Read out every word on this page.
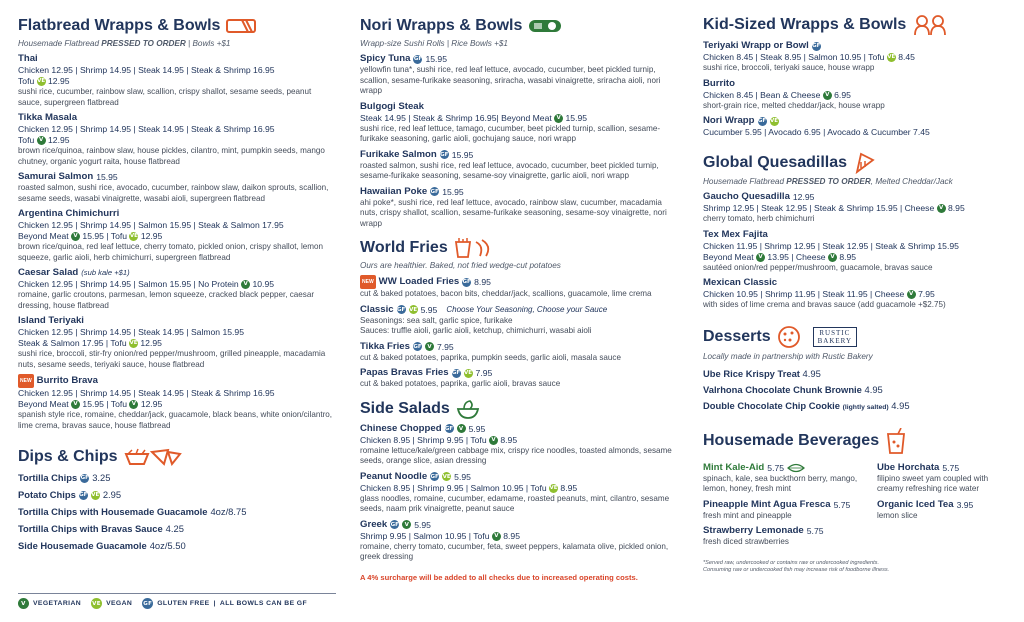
Flatbread Wrapps & Bowls
Housemade Flatbread PRESSED TO ORDER | Bowls +$1
Thai
Chicken 12.95 | Shrimp 14.95 | Steak 14.95 | Steak & Shrimp 16.95
Tofu VE 12.95
sushi rice, cucumber, rainbow slaw, scallion, crispy shallot, sesame seeds, peanut sauce, supergreen flatbread
Tikka Masala
Chicken 12.95 | Shrimp 14.95 | Steak 14.95 | Steak & Shrimp 16.95
Tofu V 12.95
brown rice/quinoa, rainbow slaw, house pickles, cilantro, mint, pumpkin seeds, mango chutney, organic yogurt raita, house flatbread
Samurai Salmon 15.95
roasted salmon, sushi rice, avocado, cucumber, rainbow slaw, daikon sprouts, scallion, sesame seeds, wasabi vinaigrette, wasabi aioli, supergreen flatbread
Argentina Chimichurri
Chicken 12.95 | Shrimp 14.95 | Salmon 15.95 | Steak & Salmon 17.95
Beyond Meat V 15.95 | Tofu VE 12.95
brown rice/quinoa, red leaf lettuce, cherry tomato, pickled onion, crispy shallot, lemon squeeze, garlic aioli, herb chimichurri, supergreen flatbread
Caesar Salad (sub kale +$1)
Chicken 12.95 | Shrimp 14.95 | Salmon 15.95 | No Protein V 10.95
romaine, garlic croutons, parmesan, lemon squeeze, cracked black pepper, caesar dressing, house flatbread
Island Teriyaki
Chicken 12.95 | Shrimp 14.95 | Steak 14.95 | Salmon 15.95
Steak & Salmon 17.95 | Tofu VE 12.95
sushi rice, broccoli, stir-fry onion/red pepper/mushroom, grilled pineapple, macadamia nuts, sesame seeds, teriyaki sauce, house flatbread
NEW Burrito Brava
Chicken 12.95 | Shrimp 14.95 | Steak 14.95 | Steak & Shrimp 16.95
Beyond Meat V 15.95 | Tofu V 12.95
spanish style rice, romaine, cheddar/jack, guacamole, black beans, white onion/cilantro, lime crema, bravas sauce, house flatbread
Dips & Chips
Tortilla Chips GF 3.25
Potato Chips GF VE 2.95
Tortilla Chips with Housemade Guacamole 4oz/8.75
Tortilla Chips with Bravas Sauce 4.25
Side Housemade Guacamole 4oz/5.50
V	VEGETARIAN VE VEGAN GF GLUTEN FREE | ALL BOWLS CAN BE GF
Nori Wrapps & Bowls
Wrapp-size Sushi Rolls | Rice Bowls +$1
Spicy Tuna GF 15.95
yellowfin tuna*, sushi rice, red leaf lettuce, avocado, cucumber, beet pickled turnip, scallion, sesame-furikake seasoning, sriracha, wasabi vinaigrette, sriracha aioli, nori wrapp
Bulgogi Steak
Steak 14.95 | Steak & Shrimp 16.95| Beyond Meat V 15.95
sushi rice, red leaf lettuce, tamago, cucumber, beet pickled turnip, scallion, sesame-furikake seasoning, garlic aioli, gochujang sauce, nori wrapp
Furikake Salmon GF 15.95
roasted salmon, sushi rice, red leaf lettuce, avocado, cucumber, beet pickled turnip, sesame-furikake seasoning, sesame-soy vinaigrette, garlic aioli, nori wrapp
Hawaiian Poke GF 15.95
ahi poke*, sushi rice, red leaf lettuce, avocado, rainbow slaw, cucumber, macadamia nuts, crispy shallot, scallion, sesame-furikake seasoning, sesame-soy vinaigrette, nori wrapp
World Fries
Ours are healthier. Baked, not fried wedge-cut potatoes
NEW WW Loaded Fries GF 8.95
cut & baked potatoes, bacon bits, cheddar/jack, scallions, guacamole, lime crema
Classic GF VE 5.95 Choose Your Seasoning, Choose your Sauce
Seasonings: sea salt, garlic spice, furikake
Sauces: truffle aioli, garlic aioli, ketchup, chimichurri, wasabi aioli
Tikka Fries GF	V 7.95
cut & baked potatoes, paprika, pumpkin seeds, garlic aioli, masala sauce
Papas Bravas Fries GF VE 7.95
cut & baked potatoes, paprika, garlic aioli, bravas sauce
Side Salads
Chinese Chopped GF	V 5.95
Chicken 8.95 | Shrimp 9.95 | Tofu V 8.95
romaine lettuce/kale/green cabbage mix, crispy rice noodles, toasted almonds, sesame seeds, orange slice, asian dressing
Peanut Noodle GF VE 5.95
Chicken 8.95 | Shrimp 9.95 | Salmon 10.95 | Tofu VE 8.95
glass noodles, romaine, cucumber, edamame, roasted peanuts, mint, cilantro, sesame seeds, naam prik vinaigrette, peanut sauce
Greek GF	V 5.95
Shrimp 9.95 | Salmon 10.95 | Tofu V 8.95
romaine, cherry tomato, cucumber, feta, sweet peppers, kalamata olive, pickled onion, greek dressing
A 4% surcharge will be added to all checks due to increased operating costs.
Kid-Sized Wrapps & Bowls
Teriyaki Wrapp or Bowl GF
Chicken 8.45 | Steak 8.95 | Salmon 10.95 | Tofu VE 8.45
sushi rice, broccoli, teriyaki sauce, house wrapp
Burrito
Chicken 8.45 | Bean & Cheese V 6.95
short-grain rice, melted cheddar/jack, house wrapp
Nori Wrapp GF VE
Cucumber 5.95 | Avocado 6.95 | Avocado & Cucumber 7.45
Global Quesadillas
Housemade Flatbread PRESSED TO ORDER, Melted Cheddar/Jack
Gaucho Quesadilla 12.95
Shrimp 12.95 | Steak 12.95 | Steak & Shrimp 15.95 | Cheese V 8.95
cherry tomato, herb chimichurri
Tex Mex Fajita
Chicken 11.95 | Shrimp 12.95 | Steak 12.95 | Steak & Shrimp 15.95
Beyond Meat V 13.95 | Cheese V 8.95
sautéed onion/red pepper/mushroom, guacamole, bravas sauce
Mexican Classic
Chicken 10.95 | Shrimp 11.95 | Steak 11.95 | Cheese V 7.95
with sides of lime crema and bravas sauce (add guacamole +$2.75)
Desserts	RUSTIC
BAKERY
Locally made in partnership with Rustic Bakery
Ube Rice Krispy Treat 4.95
Valrhona Chocolate Chunk Brownie 4.95
Double Chocolate Chip Cookie (lightly salted) 4.95
Housemade Beverages
Mint Kale-Aid 5.75
spinach, kale, sea buckthorn berry, mango, lemon, honey, fresh mint
Pineapple Mint Agua Fresca 5.75
fresh mint and pineapple
Strawberry Lemonade 5.75
fresh diced strawberries
Ube Horchata 5.75
filipino sweet yam coupled with creamy refreshing rice water
Organic Iced Tea 3.95
lemon slice
*Served raw, undercooked or contains raw or undercooked ingredients.
Consuming raw or undercooked fish may increase risk of foodborne illness.
